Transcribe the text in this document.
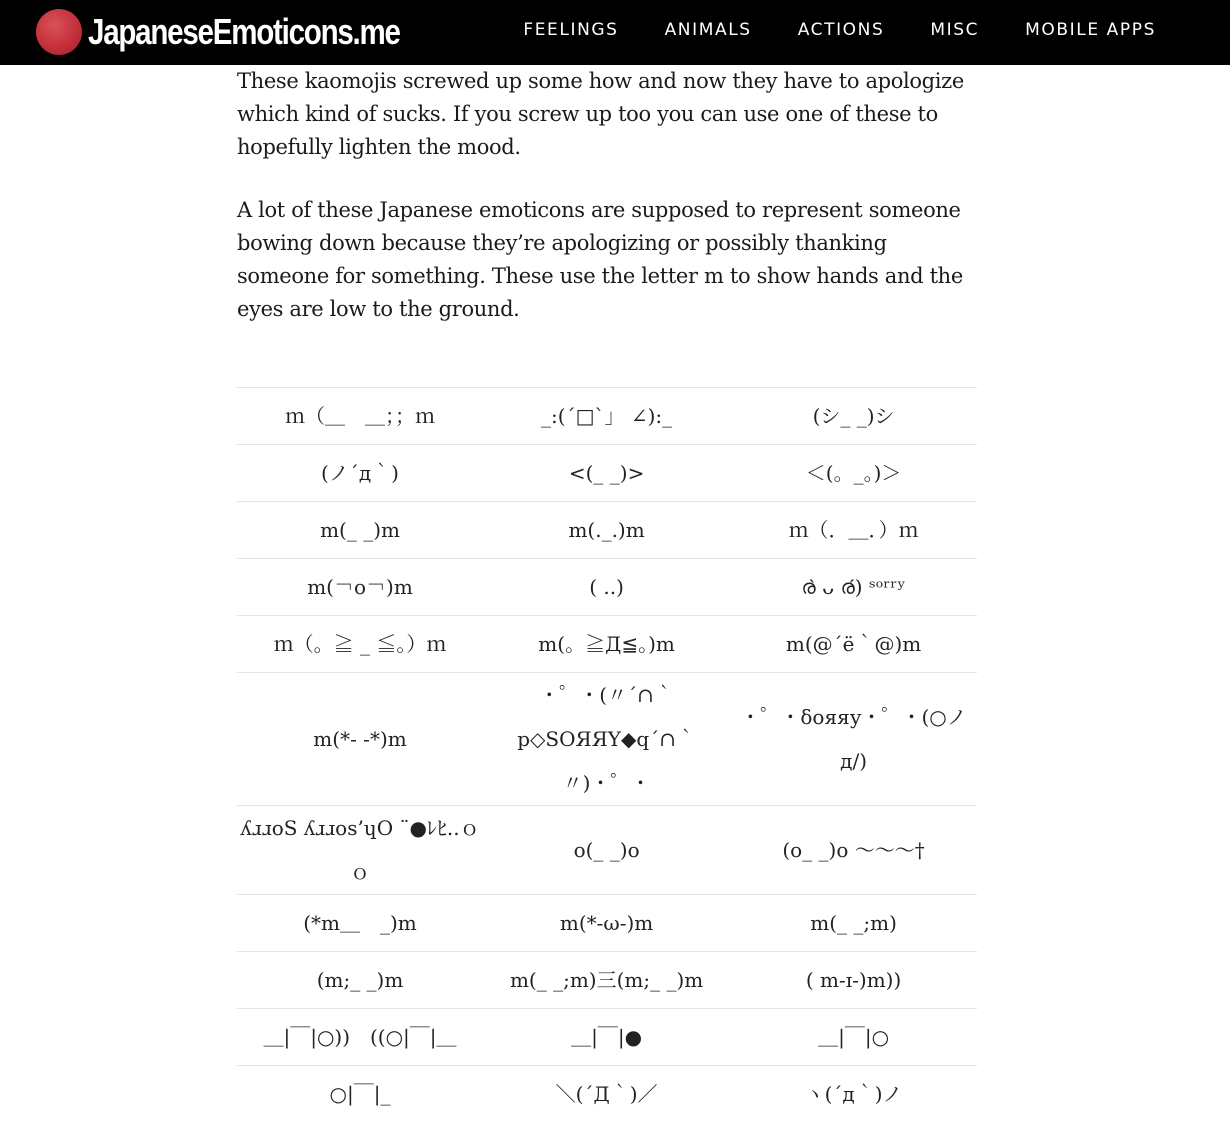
JapaneseEmoticons.me	FEELINGS	ANIMALS	ACTIONS	MISC	MOBILE APPS

These kaomojis screwed up some how and now they have to apologize which kind of sucks. If you screw up too you can use one of these to hopefully lighten the mood.

A lot of these Japanese emoticons are supposed to represent someone bowing down because they’re apologizing or possibly thanking someone for something. These use the letter m to show hands and the eyes are low to the ground.

ｍ（＿　＿；；ｍ	_:(´□`」 ∠):_	(シ_ _)シ
(ノ´д｀)	<(_ _)>	＜(。_。)＞
m(_ _)m	m(._.)m	ｍ（．＿．）ｍ
m(￢o￢)m	( ..)	ര̀ ᴗ ര́) ˢᵒʳʳʸ
ｍ（。≧ _ ≦。）ｍ	m(。≧Д≦。)m	m(@´ё｀@)m
m(*- -*)m	・゜・(〃´∩｀p◇SOЯЯY◆q´∩｀〃)・゜・	・゜・δояяу・゜・(○ノд/)
ʎɹɹoS ʎɹɹos’ɥO ¨●ﾚﾋ..ｏｏ	o(_ _)o	(o_ _)o ～～～†
(*m＿　_)m	m(*-ω-)m	m(_ _;m)
(m;_ _)m	m(_ _;m)三(m;_ _)m	( m-ɪ-)m))
＿|￣|○))　((○|￣|＿	＿|￣|●	＿|￣|○
○|￣|_	＼(´Д｀)／	ヽ(´д｀)ノ
